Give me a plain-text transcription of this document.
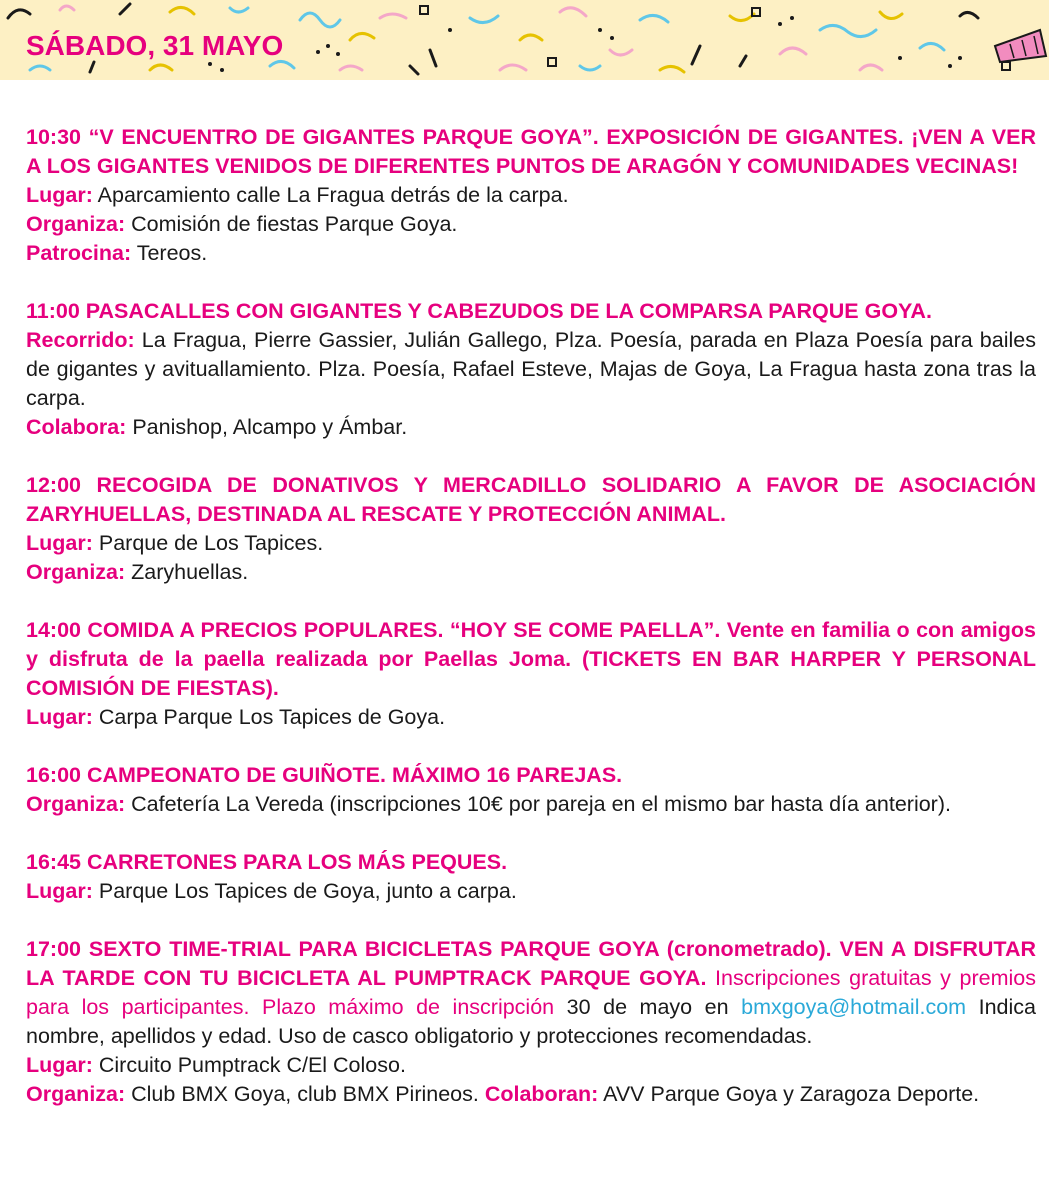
SÁBADO, 31 MAYO
10:30 “V ENCUENTRO DE GIGANTES PARQUE GOYA”. EXPOSICIÓN DE GIGANTES. ¡VEN A VER A LOS GIGANTES VENIDOS DE DIFERENTES PUNTOS DE ARAGÓN Y COMUNIDADES VECINAS!
Lugar: Aparcamiento calle La Fragua detrás de la carpa.
Organiza: Comisión de fiestas Parque Goya.
Patrocina: Tereos.
11:00 PASACALLES CON GIGANTES Y CABEZUDOS DE LA COMPARSA PARQUE GOYA.
Recorrido: La Fragua, Pierre Gassier, Julián Gallego, Plza. Poesía, parada en Plaza Poesía para bailes de gigantes y avituallamiento. Plza. Poesía, Rafael Esteve, Majas de Goya, La Fragua hasta zona tras la carpa.
Colabora: Panishop, Alcampo y Ámbar.
12:00 RECOGIDA DE DONATIVOS Y MERCADILLO SOLIDARIO A FAVOR DE ASOCIACIÓN ZARYHUELLAS, DESTINADA AL RESCATE Y PROTECCIÓN ANIMAL.
Lugar: Parque de Los Tapices.
Organiza: Zaryhuellas.
14:00 COMIDA A PRECIOS POPULARES. “HOY SE COME PAELLA”. Vente en familia o con amigos y disfruta de la paella realizada por Paellas Joma. (TICKETS EN BAR HARPER Y PERSONAL COMISIÓN DE FIESTAS).
Lugar: Carpa Parque Los Tapices de Goya.
16:00 CAMPEONATO DE GUIÑOTE. MÁXIMO 16 PAREJAS.
Organiza: Cafetería La Vereda (inscripciones 10€ por pareja en el mismo bar hasta día anterior).
16:45 CARRETONES PARA LOS MÁS PEQUES.
Lugar: Parque Los Tapices de Goya, junto a carpa.
17:00 SEXTO TIME-TRIAL PARA BICICLETAS PARQUE GOYA (cronometrado). VEN A DISFRUTAR LA TARDE CON TU BICICLETA AL PUMPTRACK PARQUE GOYA. Inscripciones gratuitas y premios para los participantes. Plazo máximo de inscripción 30 de mayo en bmxgoya@hotmail.com Indica nombre, apellidos y edad. Uso de casco obligatorio y protecciones recomendadas.
Lugar: Circuito Pumptrack C/El Coloso.
Organiza: Club BMX Goya, club BMX Pirineos. Colaboran: AVV Parque Goya y Zaragoza Deporte.
